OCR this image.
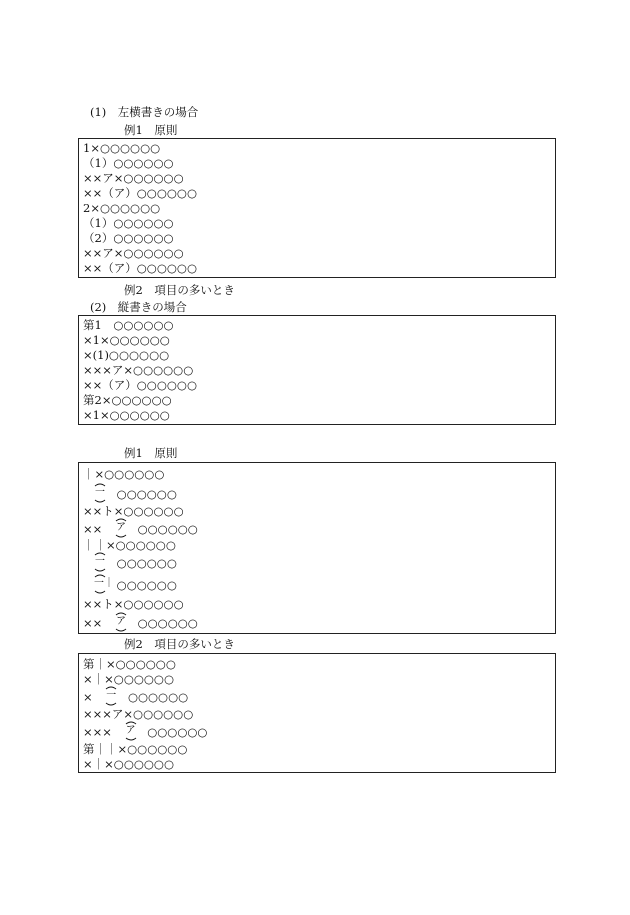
(1)　左横書きの場合
例1　原則
1×○○○○○○
（1）○○○○○○
××ア×○○○○○○
××（ア）○○○○○○
2×○○○○○○
（1）○○○○○○
（2）○○○○○○
××ア×○○○○○○
××（ア）○○○○○○
例2　項目の多いとき
(2)　縦書きの場合
第1　○○○○○○
×1×○○○○○○
×(1)○○○○○○
×××ア×○○○○○○
××（ア）○○○○○○
第2×○○○○○○
×1×○○○○○○
例1　原則
｜×○○○○○○
一 ○○○○○○
××ト×○○○○○○
×× ア ○○○○○○
｜｜×○○○○○○
一 ○○○○○○
一｜ ○○○○○○
××ト×○○○○○○
×× ア ○○○○○○
例2　項目の多いとき
第｜×○○○○○○
×｜×○○○○○○
× 一 ○○○○○○
×××ア×○○○○○○
××× ア ○○○○○○
第｜｜×○○○○○○
×｜×○○○○○○
